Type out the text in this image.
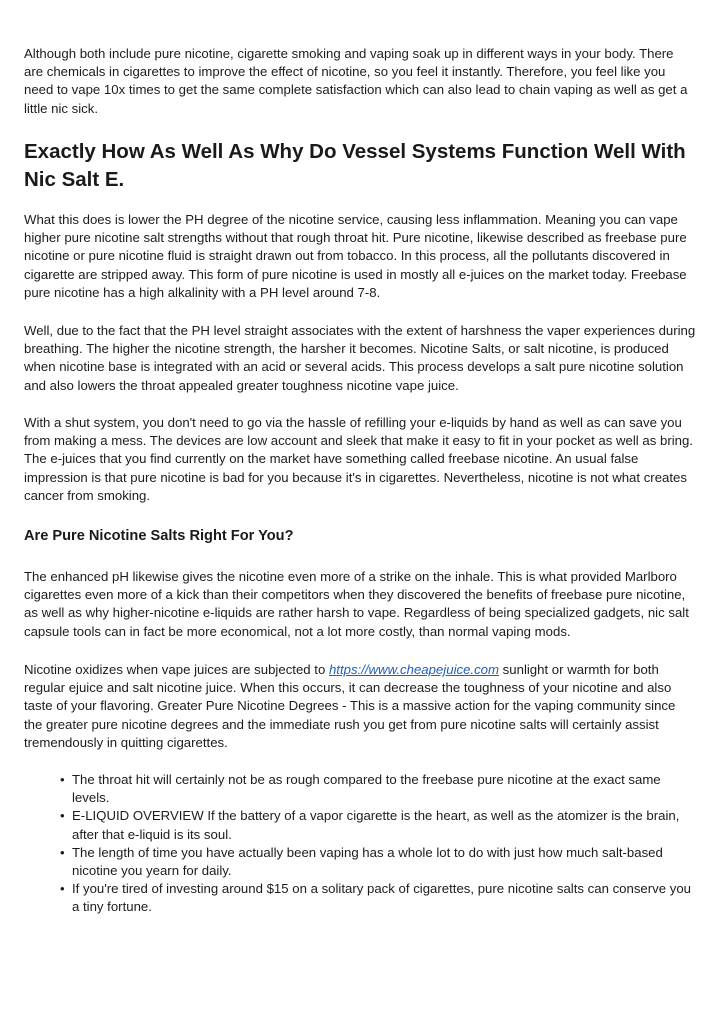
Although both include pure nicotine, cigarette smoking and vaping soak up in different ways in your body. There are chemicals in cigarettes to improve the effect of nicotine, so you feel it instantly. Therefore, you feel like you need to vape 10x times to get the same complete satisfaction which can also lead to chain vaping as well as get a little nic sick.

Exactly How As Well As Why Do Vessel Systems Function Well With Nic Salt E.

What this does is lower the PH degree of the nicotine service, causing less inflammation. Meaning you can vape higher pure nicotine salt strengths without that rough throat hit. Pure nicotine, likewise described as freebase pure nicotine or pure nicotine fluid is straight drawn out from tobacco. In this process, all the pollutants discovered in cigarette are stripped away. This form of pure nicotine is used in mostly all e-juices on the market today. Freebase pure nicotine has a high alkalinity with a PH level around 7-8.

Well, due to the fact that the PH level straight associates with the extent of harshness the vaper experiences during breathing. The higher the nicotine strength, the harsher it becomes. Nicotine Salts, or salt nicotine, is produced when nicotine base is integrated with an acid or several acids. This process develops a salt pure nicotine solution and also lowers the throat appealed greater toughness nicotine vape juice.

With a shut system, you don't need to go via the hassle of refilling your e-liquids by hand as well as can save you from making a mess. The devices are low account and sleek that make it easy to fit in your pocket as well as bring. The e-juices that you find currently on the market have something called freebase nicotine. An usual false impression is that pure nicotine is bad for you because it's in cigarettes. Nevertheless, nicotine is not what creates cancer from smoking.

Are Pure Nicotine Salts Right For You?

The enhanced pH likewise gives the nicotine even more of a strike on the inhale. This is what provided Marlboro cigarettes even more of a kick than their competitors when they discovered the benefits of freebase pure nicotine, as well as why higher-nicotine e-liquids are rather harsh to vape. Regardless of being specialized gadgets, nic salt capsule tools can in fact be more economical, not a lot more costly, than normal vaping mods.

Nicotine oxidizes when vape juices are subjected to https://www.cheapejuice.com sunlight or warmth for both regular ejuice and salt nicotine juice. When this occurs, it can decrease the toughness of your nicotine and also taste of your flavoring. Greater Pure Nicotine Degrees - This is a massive action for the vaping community since the greater pure nicotine degrees and the immediate rush you get from pure nicotine salts will certainly assist tremendously in quitting cigarettes.

• The throat hit will certainly not be as rough compared to the freebase pure nicotine at the exact same levels.
• E-LIQUID OVERVIEW If the battery of a vapor cigarette is the heart, as well as the atomizer is the brain, after that e-liquid is its soul.
• The length of time you have actually been vaping has a whole lot to do with just how much salt-based nicotine you yearn for daily.
• If you're tired of investing around $15 on a solitary pack of cigarettes, pure nicotine salts can conserve you a tiny fortune.
